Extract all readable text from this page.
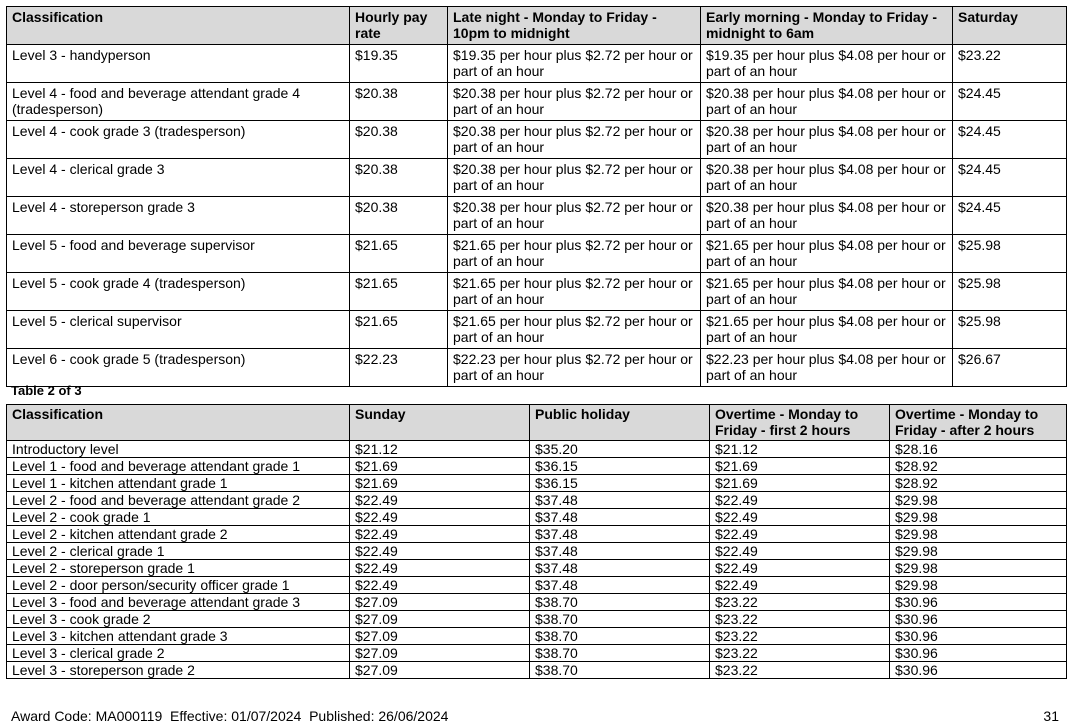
Classification	Hourly pay rate	Late night - Monday to Friday - 10pm to midnight	Early morning - Monday to Friday - midnight to 6am	Saturday
Level 3 - handyperson	$19.35	$19.35 per hour plus $2.72 per hour or part of an hour	$19.35 per hour plus $4.08 per hour or part of an hour	$23.22
Level 4 - food and beverage attendant grade 4 (tradesperson)	$20.38	$20.38 per hour plus $2.72 per hour or part of an hour	$20.38 per hour plus $4.08 per hour or part of an hour	$24.45
Level 4 - cook grade 3 (tradesperson)	$20.38	$20.38 per hour plus $2.72 per hour or part of an hour	$20.38 per hour plus $4.08 per hour or part of an hour	$24.45
Level 4 - clerical grade 3	$20.38	$20.38 per hour plus $2.72 per hour or part of an hour	$20.38 per hour plus $4.08 per hour or part of an hour	$24.45
Level 4 - storeperson grade 3	$20.38	$20.38 per hour plus $2.72 per hour or part of an hour	$20.38 per hour plus $4.08 per hour or part of an hour	$24.45
Level 5 - food and beverage supervisor	$21.65	$21.65 per hour plus $2.72 per hour or part of an hour	$21.65 per hour plus $4.08 per hour or part of an hour	$25.98
Level 5 - cook grade 4 (tradesperson)	$21.65	$21.65 per hour plus $2.72 per hour or part of an hour	$21.65 per hour plus $4.08 per hour or part of an hour	$25.98
Level 5 - clerical supervisor	$21.65	$21.65 per hour plus $2.72 per hour or part of an hour	$21.65 per hour plus $4.08 per hour or part of an hour	$25.98
Level 6 - cook grade 5 (tradesperson)	$22.23	$22.23 per hour plus $2.72 per hour or part of an hour	$22.23 per hour plus $4.08 per hour or part of an hour	$26.67
Table 2 of 3
Classification	Sunday	Public holiday	Overtime - Monday to Friday - first 2 hours	Overtime - Monday to Friday - after 2 hours
Introductory level	$21.12	$35.20	$21.12	$28.16
Level 1 - food and beverage attendant grade 1	$21.69	$36.15	$21.69	$28.92
Level 1 - kitchen attendant grade 1	$21.69	$36.15	$21.69	$28.92
Level 2 - food and beverage attendant grade 2	$22.49	$37.48	$22.49	$29.98
Level 2 - cook grade 1	$22.49	$37.48	$22.49	$29.98
Level 2 - kitchen attendant grade 2	$22.49	$37.48	$22.49	$29.98
Level 2 - clerical grade 1	$22.49	$37.48	$22.49	$29.98
Level 2 - storeperson grade 1	$22.49	$37.48	$22.49	$29.98
Level 2 - door person/security officer grade 1	$22.49	$37.48	$22.49	$29.98
Level 3 - food and beverage attendant grade 3	$27.09	$38.70	$23.22	$30.96
Level 3 - cook grade 2	$27.09	$38.70	$23.22	$30.96
Level 3 - kitchen attendant grade 3	$27.09	$38.70	$23.22	$30.96
Level 3 - clerical grade 2	$27.09	$38.70	$23.22	$30.96
Level 3 - storeperson grade 2	$27.09	$38.70	$23.22	$30.96
Award Code: MA000119  Effective: 01/07/2024  Published: 26/06/2024	31
